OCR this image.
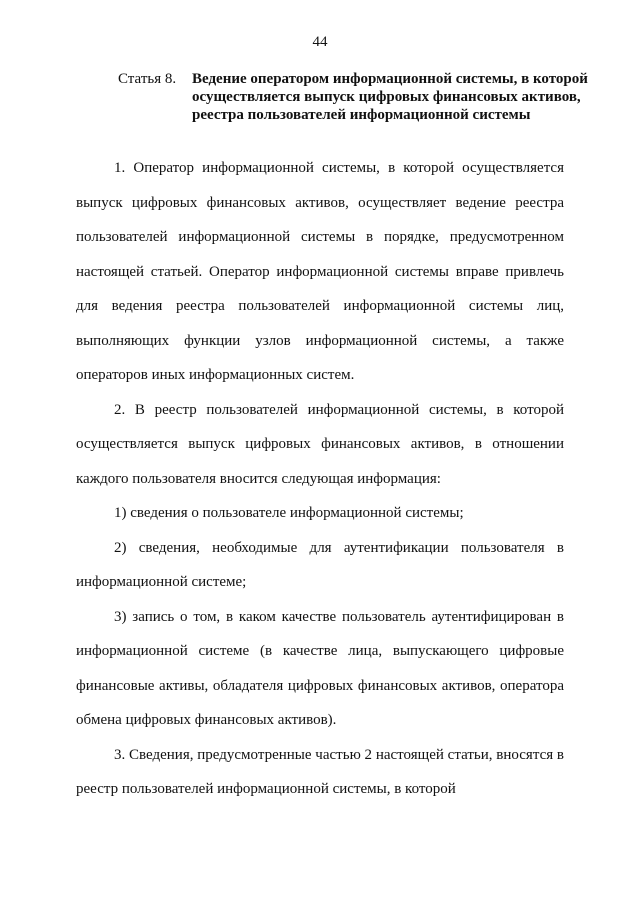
44
Статья 8.	Ведение оператором информационной системы, в которой осуществляется выпуск цифровых финансовых активов, реестра пользователей информационной системы

1. Оператор информационной системы, в которой осуществляется выпуск цифровых финансовых активов, осуществляет ведение реестра пользователей информационной системы в порядке, предусмотренном настоящей статьей. Оператор информационной системы вправе привлечь для ведения реестра пользователей информационной системы лиц, выполняющих функции узлов информационной системы, а также операторов иных информационных систем.

2. В реестр пользователей информационной системы, в которой осуществляется выпуск цифровых финансовых активов, в отношении каждого пользователя вносится следующая информация:

1) сведения о пользователе информационной системы;

2) сведения, необходимые для аутентификации пользователя в информационной системе;

3) запись о том, в каком качестве пользователь аутентифицирован в информационной системе (в качестве лица, выпускающего цифровые финансовые активы, обладателя цифровых финансовых активов, оператора обмена цифровых финансовых активов).

3. Сведения, предусмотренные частью 2 настоящей статьи, вносятся в реестр пользователей информационной системы, в которой
